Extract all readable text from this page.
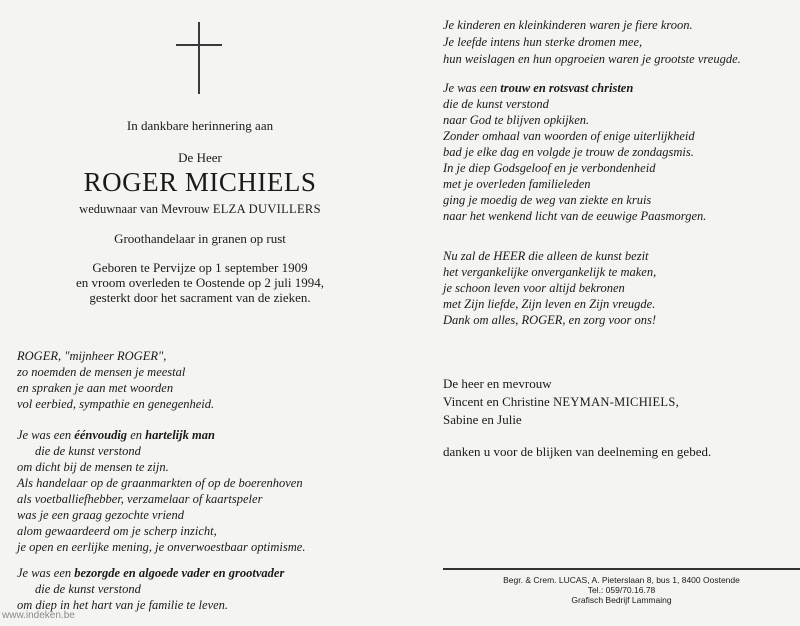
In dankbare herinnering aan
De Heer
ROGER MICHIELS
weduwnaar van Mevrouw ELZA DUVILLERS
Groothandelaar in granen op rust
Geboren te Pervijze op 1 september 1909
en vroom overleden te Oostende op 2 juli 1994,
gesterkt door het sacrament van de zieken.
ROGER, "mijnheer ROGER",
zo noemden de mensen je meestal
en spraken je aan met woorden
vol eerbied, sympathie en genegenheid.
Je was een éénvoudig en hartelijk man
die de kunst verstond
om dicht bij de mensen te zijn.
Als handelaar op de graanmarkten of op de boerenhoven
als voetballiefhebber, verzamelaar of kaartspeler
was je een graag gezochte vriend
alom gewaardeerd om je scherp inzicht,
je open en eerlijke mening, je onverwoestbaar optimisme.
Je was een bezorgde en algoede vader en grootvader
die de kunst verstond
om diep in het hart van je familie te leven.
Je kinderen en kleinkinderen waren je fiere kroon.
Je leefde intens hun sterke dromen mee,
hun weislagen en hun opgroeien waren je grootste vreugde.
Je was een trouw en rotsvast christen
die de kunst verstond
naar God te blijven opkijken.
Zonder omhaal van woorden of enige uiterlijkheid
bad je elke dag en volgde je trouw de zondagsmis.
In je diep Godsgeloof en je verbondenheid
met je overleden familieleden
ging je moedig de weg van ziekte en kruis
naar het wenkend licht van de eeuwige Paasmorgen.
Nu zal de HEER die alleen de kunst bezit
het vergankelijke onvergankelijk te maken,
je schoon leven voor altijd bekronen
met Zijn liefde, Zijn leven en Zijn vreugde.
Dank om alles, ROGER, en zorg voor ons!
De heer en mevrouw
Vincent en Christine NEYMAN-MICHIELS,
Sabine en Julie
danken u voor de blijken van deelneming en gebed.
Begr. & Crem. LUCAS, A. Pieterslaan 8, bus 1, 8400 Oostende
Tel.: 059/70.16.78
Grafisch Bedrijf Lammaing
www.indeken.be
